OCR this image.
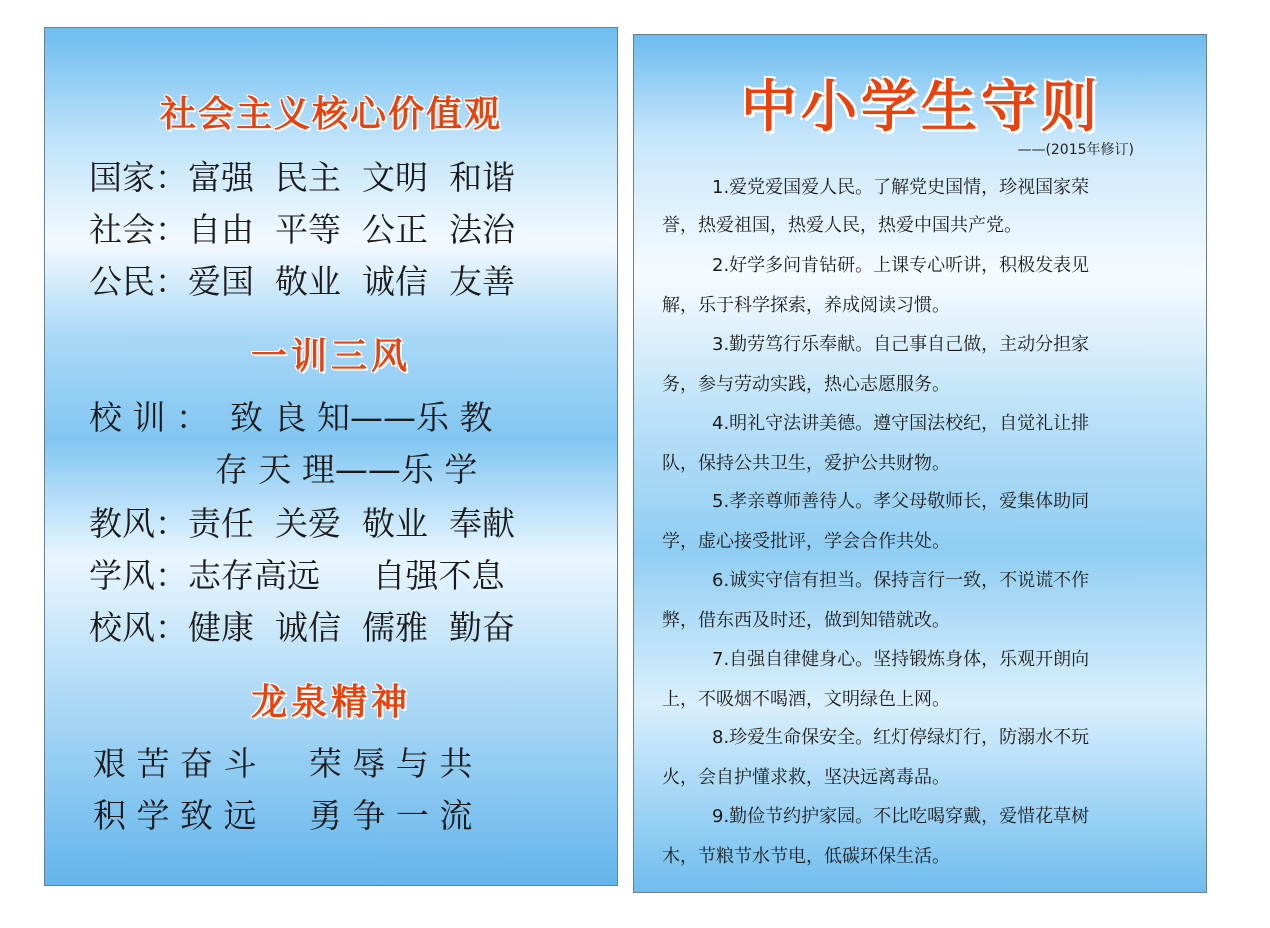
社会主义核心价值观
国家：富强  民主  文明  和谐
社会：自由  平等  公正  法治
公民：爱国  敬业  诚信  友善
一训三风
校 训 ：  致 良 知——乐 教
存 天 理——乐 学
教风：责任  关爱  敬业  奉献
学风：志存高远     自强不息
校风：健康  诚信  儒雅  勤奋
龙泉精神
艰 苦 奋 斗     荣 辱 与 共
积 学 致 远     勇 争 一 流
中小学生守则
——(2015年修订)
1.爱党爱国爱人民。了解党史国情，珍视国家荣
誉，热爱祖国，热爱人民，热爱中国共产党。
2.好学多问肯钻研。上课专心听讲，积极发表见
解，乐于科学探索，养成阅读习惯。
3.勤劳笃行乐奉献。自己事自己做，主动分担家
务，参与劳动实践，热心志愿服务。
4.明礼守法讲美德。遵守国法校纪，自觉礼让排
队，保持公共卫生，爱护公共财物。
5.孝亲尊师善待人。孝父母敬师长，爱集体助同
学，虚心接受批评，学会合作共处。
6.诚实守信有担当。保持言行一致，不说谎不作
弊，借东西及时还，做到知错就改。
7.自强自律健身心。坚持锻炼身体，乐观开朗向
上，不吸烟不喝酒，文明绿色上网。
8.珍爱生命保安全。红灯停绿灯行，防溺水不玩
火，会自护懂求救，坚决远离毒品。
9.勤俭节约护家园。不比吃喝穿戴，爱惜花草树
木，节粮节水节电，低碳环保生活。
